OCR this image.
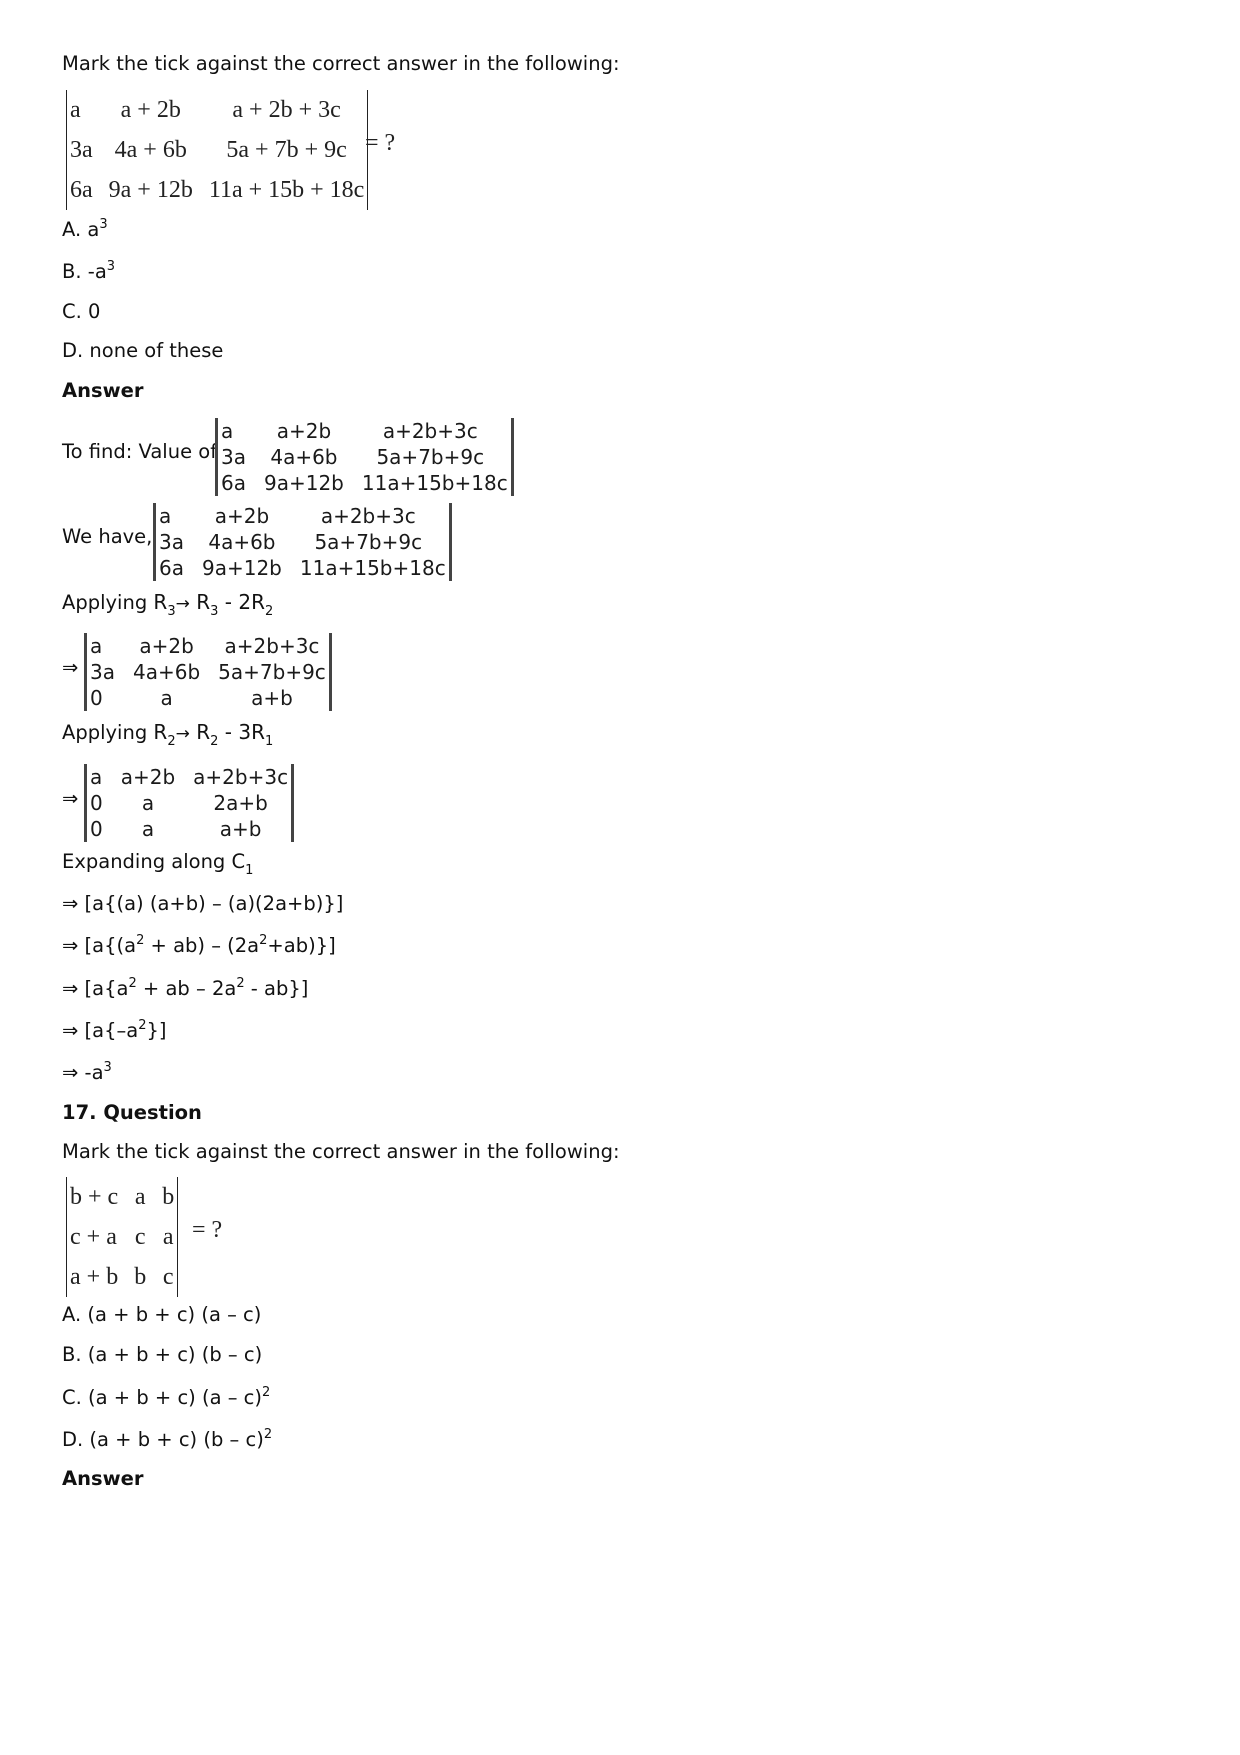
Mark the tick against the correct answer in the following:
a	a + 2b	a + 2b + 3c
3a	4a + 6b	5a + 7b + 9c
6a	9a + 12b	11a + 15b + 18c
= ?
A. $a^3$
B. $-a^3$
C. 0
D. none of these
Answer
To find: Value of
a	a+2b	a+2b+3c
3a	4a+6b	5a+7b+9c
6a	9a+12b	11a+15b+18c
We have,
a	a+2b	a+2b+3c
3a	4a+6b	5a+7b+9c
6a	9a+12b	11a+15b+18c
Applying $R_3\to R_3 - 2R_2$
⇒
a	a+2b	a+2b+3c
3a	4a+6b	5a+7b+9c
0	a	a+b
Applying $R_2\to R_2 - 3R_1$
⇒
a	a+2b	a+2b+3c
0	a	2a+b
0	a	a+b
Expanding along $C_1$
⇒ [a{(a) (a+b) – (a)(2a+b)}]
⇒ $[a\{(a^2 + ab) - (2a^2+ab)\}]$
⇒ [$a\{a^2$ + ab – $2a^2 - ab$}]
⇒ $[a\{-a^2\}]$
⇒ $-a^3$
17. Question
Mark the tick against the correct answer in the following:
b + c	a	b
c + a	c	a
a + b	b	c
= ?
A. (a + b + c) (a – c)
B. (a + b + c) (b – c)
C. (a + b + c) (a – c)$^2$
D. (a + b + c) (b – c)$^2$
Answer
